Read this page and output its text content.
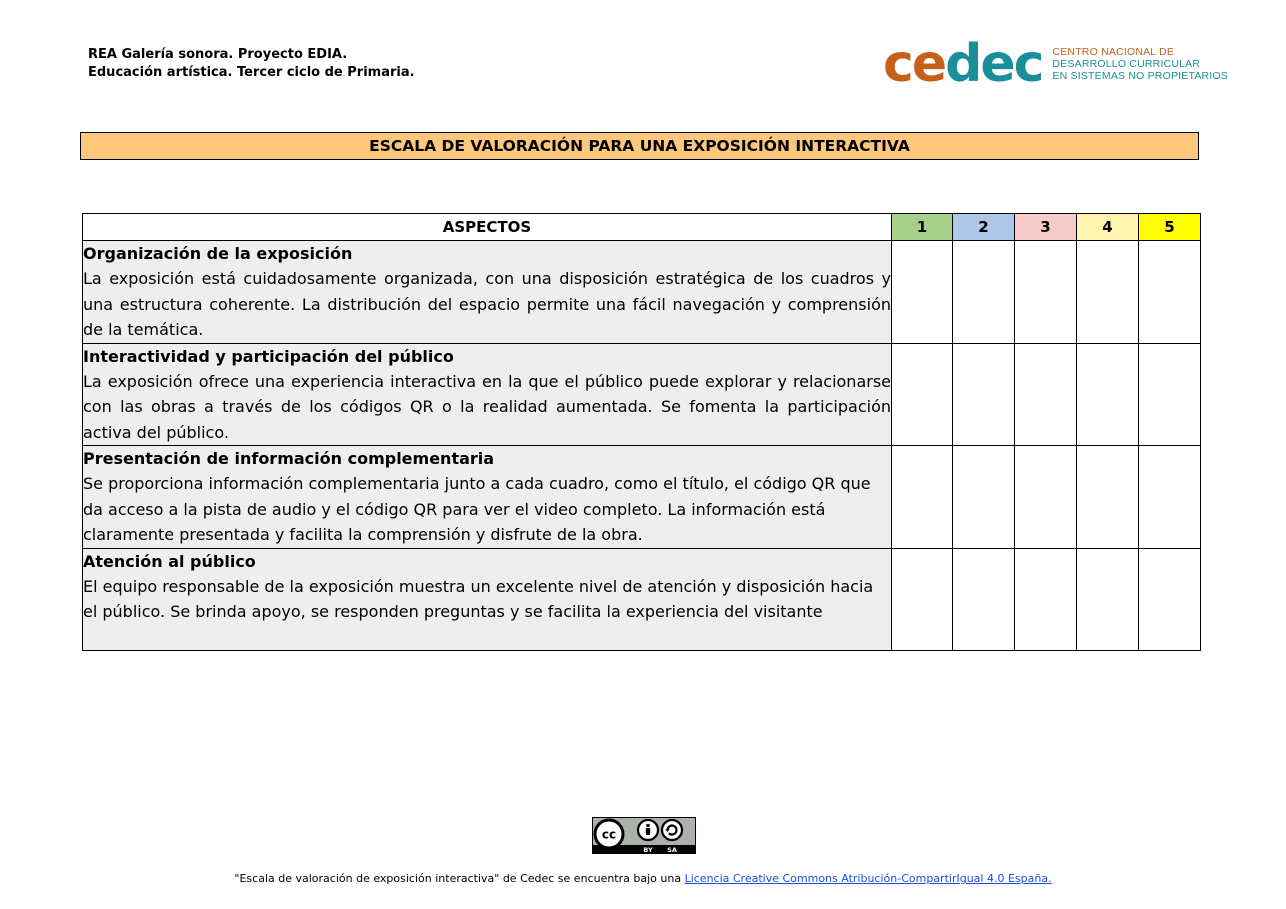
REA Galería sonora. Proyecto EDIA.
Educación artística. Tercer ciclo de Primaria.	cedec CENTRO NACIONAL DE
DESARROLLO CURRICULAR
EN SISTEMAS NO PROPIETARIOS
ESCALA DE VALORACIÓN PARA UNA EXPOSICIÓN INTERACTIVA
ASPECTOS	1	2	3	4	5

Organización de la exposición
La exposición está cuidadosamente organizada, con una disposición estratégica de los cuadros y una estructura coherente. La distribución del espacio permite una fácil navegación y comprensión de la temática.					

Interactividad y participación del público
La exposición ofrece una experiencia interactiva en la que el público puede explorar y relacionarse con las obras a través de los códigos QR o la realidad aumentada. Se fomenta la participación activa del público.					

Presentación de información complementaria
Se proporciona información complementaria junto a cada cuadro, como el título, el código QR que da acceso a la pista de audio y el código QR para ver el video completo. La información está claramente presentada y facilita la comprensión y disfrute de la obra.					

Atención al público
El equipo responsable de la exposición muestra un excelente nivel de atención y disposición hacia el público. Se brinda apoyo, se responden preguntas y se facilita la experiencia del visitante					

cc
BY SA
"Escala de valoración de exposición interactiva" de Cedec se encuentra bajo una Licencia Creative Commons Atribución-CompartirIgual 4.0 España.
